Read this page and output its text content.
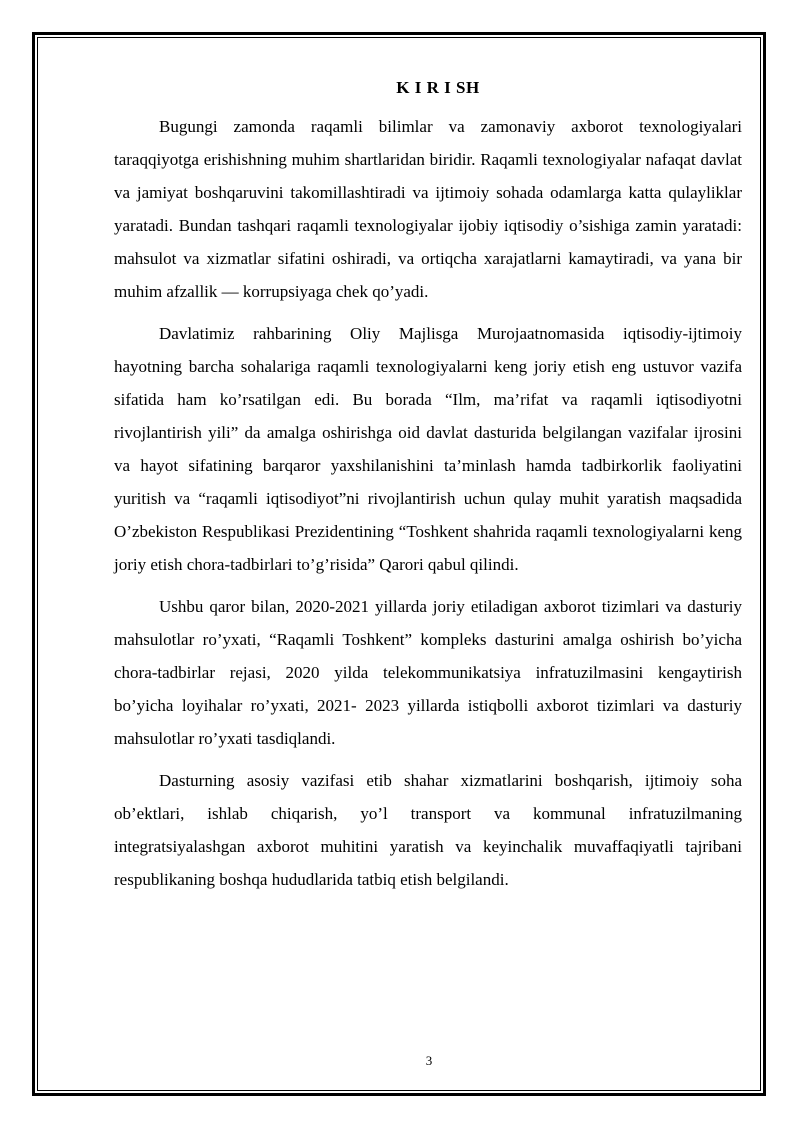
K I R I SH

Bugungi zamonda raqamli bilimlar va zamonaviy axborot texnologiyalari taraqqiyotga erishishning muhim shartlaridan biridir. Raqamli texnologiyalar nafaqat davlat va jamiyat boshqaruvini takomillashtiradi va ijtimoiy sohada odamlarga katta qulayliklar yaratadi. Bundan tashqari raqamli texnologiyalar ijobiy iqtisodiy o’sishiga zamin yaratadi: mahsulot va xizmatlar sifatini oshiradi, va ortiqcha xarajatlarni kamaytiradi, va yana bir muhim afzallik — korrupsiyaga chek qo’yadi.

Davlatimiz rahbarining Oliy Majlisga Murojaatnomasida iqtisodiy-ijtimoiy hayotning barcha sohalariga raqamli texnologiyalarni keng joriy etish eng ustuvor vazifa sifatida ham ko’rsatilgan edi. Bu borada “Ilm, ma’rifat va raqamli iqtisodiyotni rivojlantirish yili” da amalga oshirishga oid davlat dasturida belgilangan vazifalar ijrosini va hayot sifatining barqaror yaxshilanishini ta’minlash hamda tadbirkorlik faoliyatini yuritish va “raqamli iqtisodiyot”ni rivojlantirish uchun qulay muhit yaratish maqsadida O’zbekiston Respublikasi Prezidentining “Toshkent shahrida raqamli texnologiyalarni keng joriy etish chora-tadbirlari to’g’risida” Qarori qabul qilindi.

Ushbu qaror bilan, 2020-2021 yillarda joriy etiladigan axborot tizimlari va dasturiy mahsulotlar ro’yxati, “Raqamli Toshkent” kompleks dasturini amalga oshirish bo’yicha chora-tadbirlar rejasi, 2020 yilda telekommunikatsiya infratuzilmasini kengaytirish bo’yicha loyihalar ro’yxati, 2021- 2023 yillarda istiqbolli axborot tizimlari va dasturiy mahsulotlar ro’yxati tasdiqlandi.

Dasturning asosiy vazifasi etib shahar xizmatlarini boshqarish, ijtimoiy soha ob’ektlari, ishlab chiqarish, yo’l transport va kommunal infratuzilmaning integratsiyalashgan axborot muhitini yaratish va keyinchalik muvaffaqiyatli tajribani respublikaning boshqa hududlarida tatbiq etish belgilandi.

3
